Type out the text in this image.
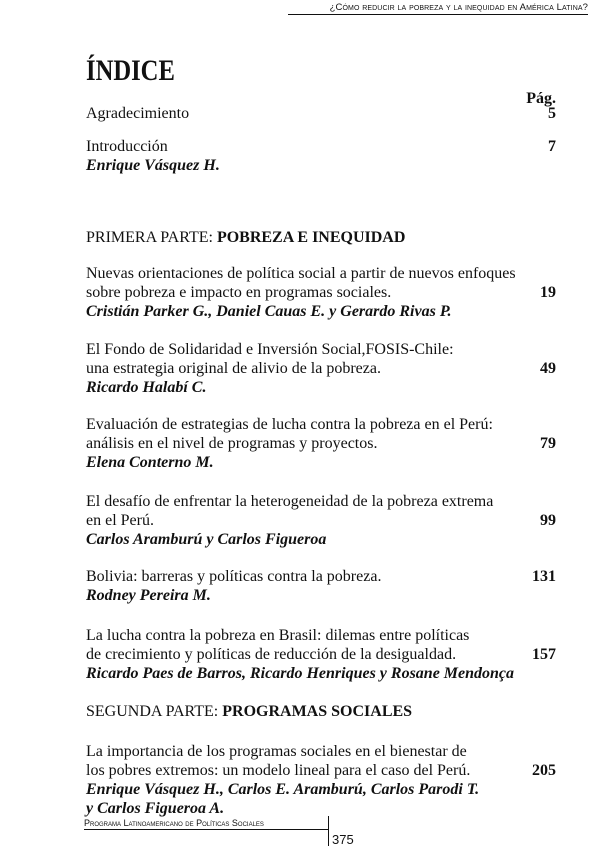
¿Cómo reducir la pobreza y la inequidad en América Latina?
ÍNDICE
Pág.
PRIMERA PARTE: POBREZA E INEQUIDAD
SEGUNDA PARTE: PROGRAMAS SOCIALES
Agradecimiento	5
Introducción
Enrique Vásquez H.
7
Nuevas orientaciones de política social a partir de nuevos enfoques
sobre pobreza e impacto en programas sociales.
Cristián Parker G., Daniel Cauas E. y Gerardo Rivas P.
19
El Fondo de Solidaridad e Inversión Social,FOSIS-Chile:
una estrategia original de alivio de la pobreza.
Ricardo Halabí C.
49
Evaluación de estrategias de lucha contra la pobreza en el Perú:
análisis en el nivel de programas y proyectos.
Elena Conterno M.
79
El desafío de enfrentar la heterogeneidad de la pobreza extrema
en el Perú.
Carlos Aramburú y Carlos Figueroa
99
Bolivia: barreras y políticas contra la pobreza.
Rodney Pereira M.
131
La lucha contra la pobreza en Brasil: dilemas entre políticas
de crecimiento y políticas de reducción de la desigualdad.
Ricardo Paes de Barros, Ricardo Henriques y Rosane Mendonça
157
La importancia de los programas sociales en el bienestar de
los pobres extremos: un modelo lineal para el caso del Perú.
Enrique Vásquez H., Carlos E. Aramburú, Carlos Parodi T.
y Carlos Figueroa A.
205
Programa Latinoamericano de Políticas Sociales
375
